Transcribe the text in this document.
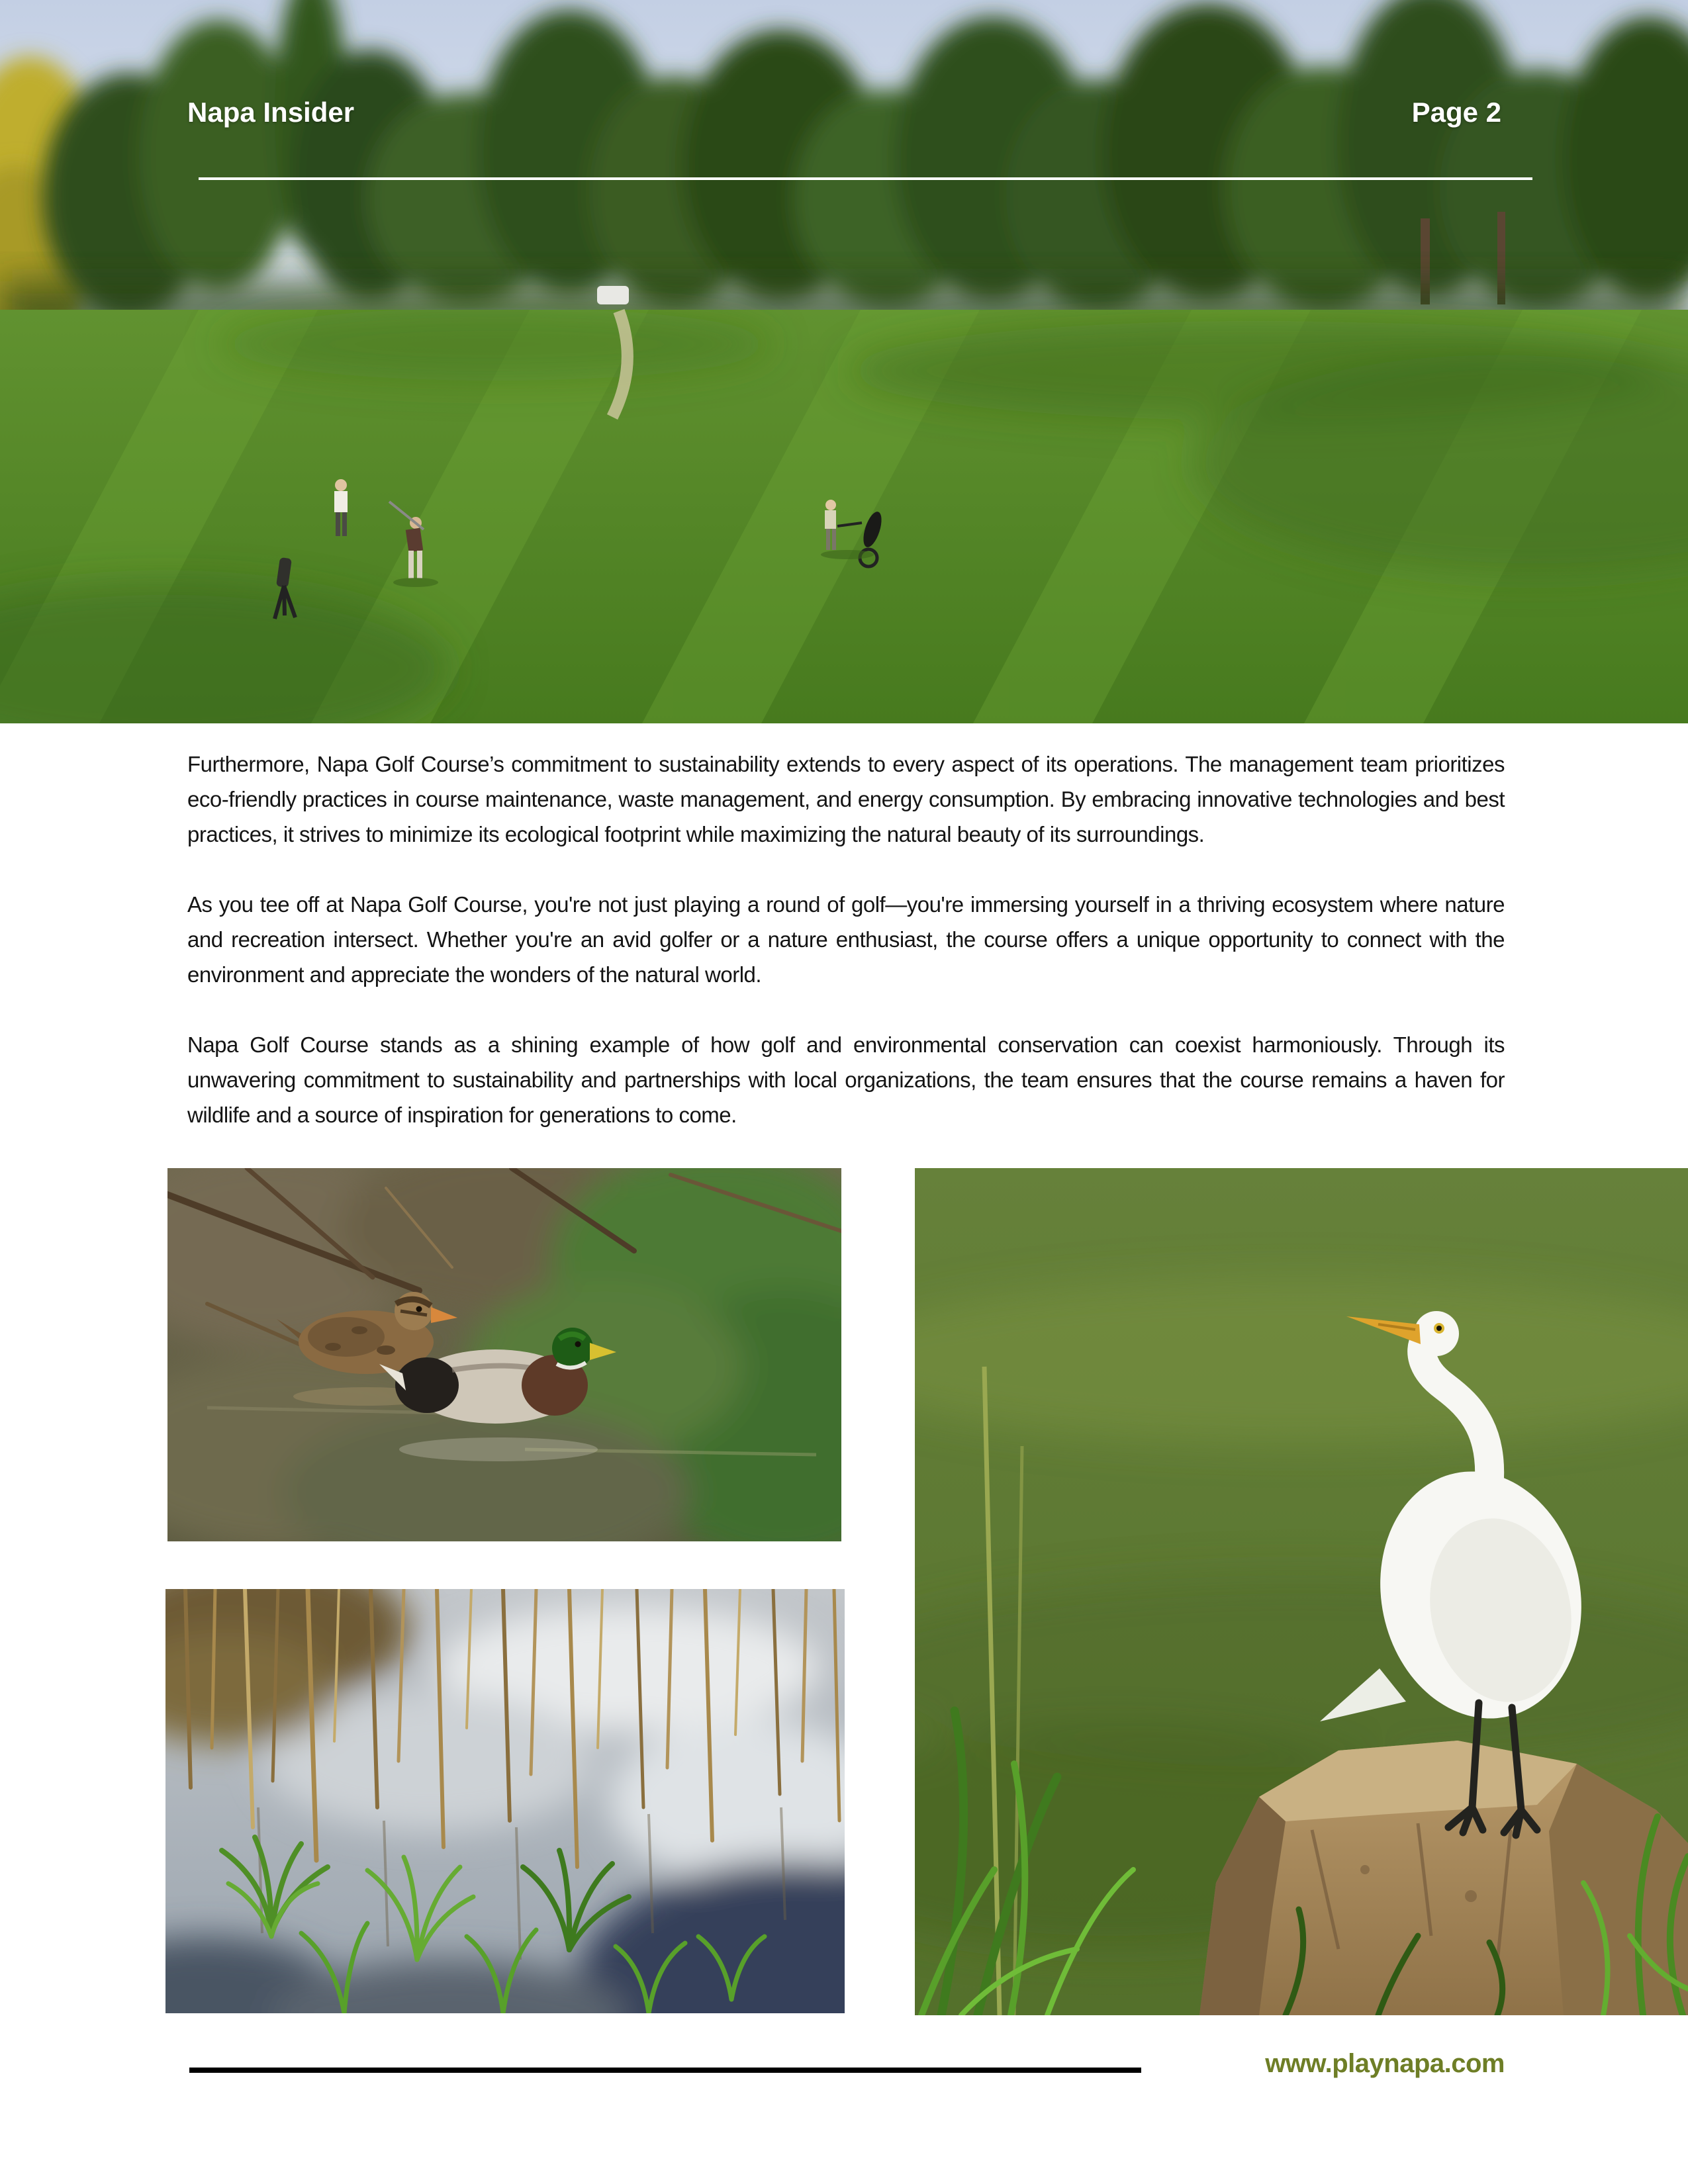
Napa Insider	Page 2

Furthermore, Napa Golf Course’s commitment to sustainability extends to every aspect of its operations. The management team prioritizes eco-friendly practices in course maintenance, waste management, and energy consumption. By embracing innovative technologies and best practices, it strives to minimize its ecological footprint while maximizing the natural beauty of its surroundings.

As you tee off at Napa Golf Course, you're not just playing a round of golf—you're immersing yourself in a thriving ecosystem where nature and recreation intersect. Whether you're an avid golfer or a nature enthusiast, the course offers a unique opportunity to connect with the environment and appreciate the wonders of the natural world.

Napa Golf Course stands as a shining example of how golf and environmental conservation can coexist harmoniously. Through its unwavering commitment to sustainability and partnerships with local organizations, the team ensures that the course remains a haven for wildlife and a source of inspiration for generations to come.

www.playnapa.com
